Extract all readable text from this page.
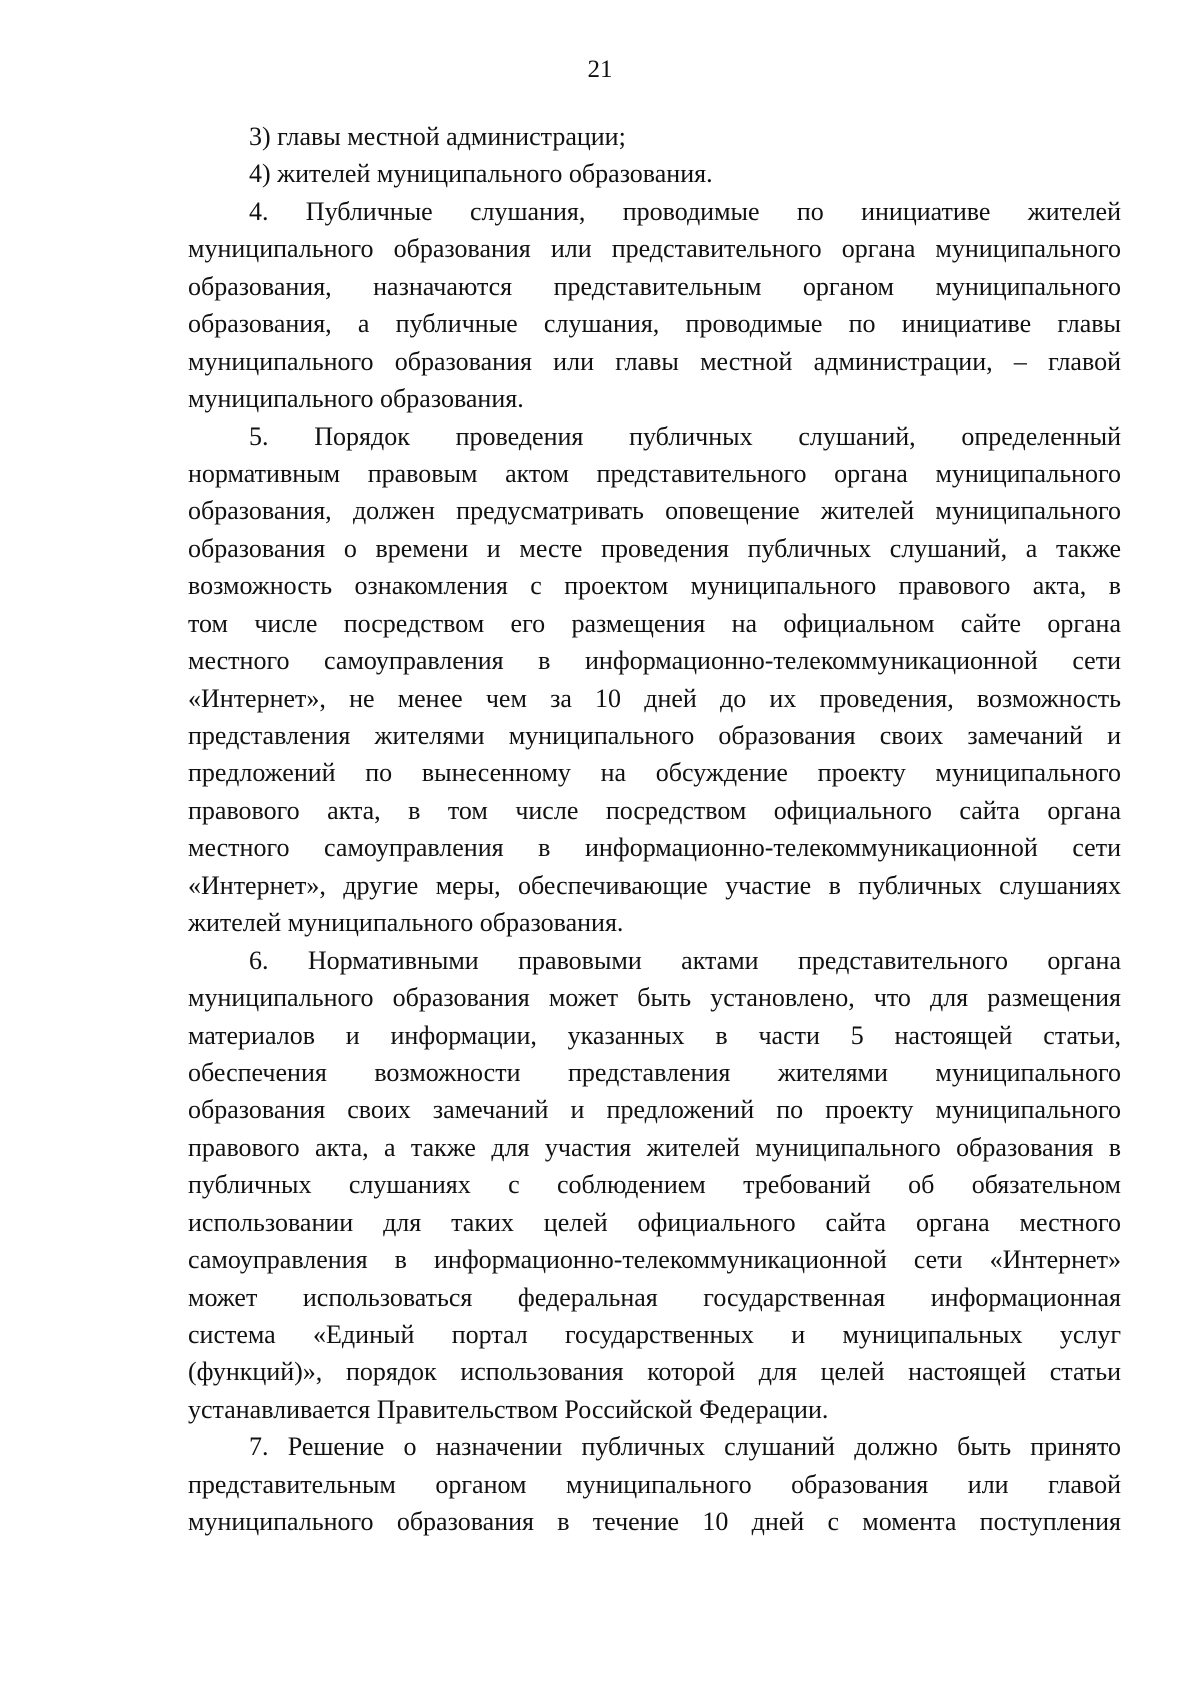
21
3) главы местной администрации;
4) жителей муниципального образования.
4. Публичные слушания, проводимые по инициативе жителей
муниципального образования или представительного органа муниципального
образования, назначаются представительным органом муниципального
образования, а публичные слушания, проводимые по инициативе главы
муниципального образования или главы местной администрации, – главой
муниципального образования.
5. Порядок проведения публичных слушаний, определенный
нормативным правовым актом представительного органа муниципального
образования, должен предусматривать оповещение жителей муниципального
образования о времени и месте проведения публичных слушаний, а также
возможность ознакомления с проектом муниципального правового акта, в
том числе посредством его размещения на официальном сайте органа
местного самоуправления в информационно-телекоммуникационной сети
«Интернет», не менее чем за 10 дней до их проведения, возможность
представления жителями муниципального образования своих замечаний и
предложений по вынесенному на обсуждение проекту муниципального
правового акта, в том числе посредством официального сайта органа
местного самоуправления в информационно-телекоммуникационной сети
«Интернет», другие меры, обеспечивающие участие в публичных слушаниях
жителей муниципального образования.
6. Нормативными правовыми актами представительного органа
муниципального образования может быть установлено, что для размещения
материалов и информации, указанных в части 5 настоящей статьи,
обеспечения возможности представления жителями муниципального
образования своих замечаний и предложений по проекту муниципального
правового акта, а также для участия жителей муниципального образования в
публичных слушаниях с соблюдением требований об обязательном
использовании для таких целей официального сайта органа местного
самоуправления в информационно-телекоммуникационной сети «Интернет»
может использоваться федеральная государственная информационная
система «Единый портал государственных и муниципальных услуг
(функций)», порядок использования которой для целей настоящей статьи
устанавливается Правительством Российской Федерации.
7. Решение о назначении публичных слушаний должно быть принято
представительным органом муниципального образования или главой
муниципального образования в течение 10 дней с момента поступления
